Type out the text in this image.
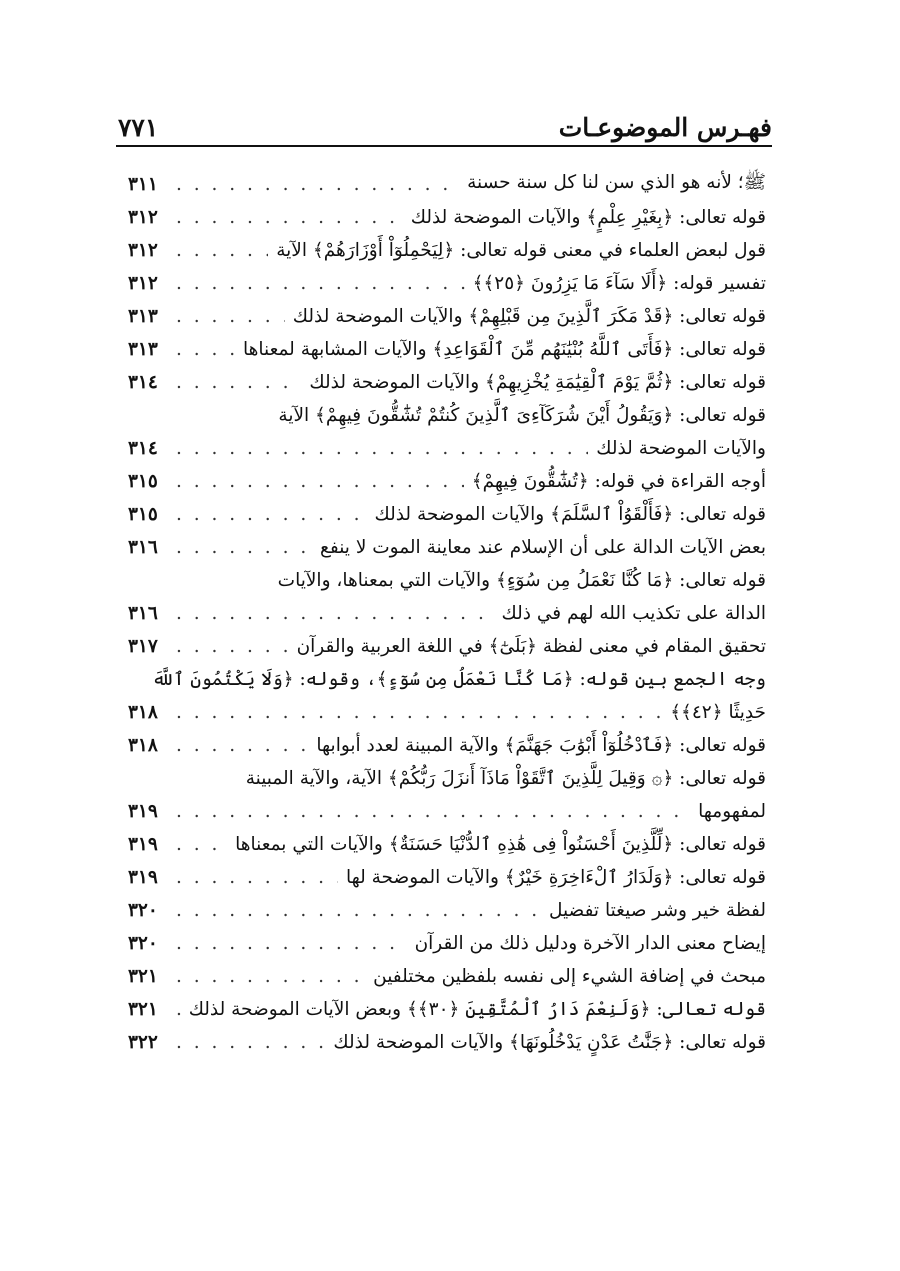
٧٧١	فهـرس الموضوعـات
ﷺ؛ لأنه هو الذي سن لنا كل سنة حسنة
. . .
٣١١
قوله تعالى: ﴿بِغَيْرِ عِلْمٍ﴾ والآيات الموضحة لذلك
. . .
٣١٢
قول لبعض العلماء في معنى قوله تعالى: ﴿لِيَحْمِلُوٓاْ أَوْزَارَهُمْ﴾ الآية
. . .
٣١٢
تفسير قوله: ﴿أَلَا سَآءَ مَا يَزِرُونَ ﴿٢٥﴾﴾
. . .
٣١٢
قوله تعالى: ﴿قَدْ مَكَرَ ٱلَّذِينَ مِن قَبْلِهِمْ﴾ والآيات الموضحة لذلك
. . .
٣١٣
قوله تعالى: ﴿فَأَتَى ٱللَّهُ بُنْيَٰنَهُم مِّنَ ٱلْقَوَاعِدِ﴾ والآيات المشابهة لمعناها
. . .
٣١٣
قوله تعالى: ﴿ثُمَّ يَوْمَ ٱلْقِيَٰمَةِ يُخْزِيهِمْ﴾ والآيات الموضحة لذلك
. . .
٣١٤
قوله تعالى: ﴿وَيَقُولُ أَيْنَ شُرَكَآءِىَ ٱلَّذِينَ كُنتُمْ تُشَٰٓقُّونَ فِيهِمْ﴾ الآية
والآيات الموضحة لذلك
. . .
٣١٤
أوجه القراءة في قوله: ﴿تُشَٰٓقُّونَ فِيهِمْ﴾
. . .
٣١٥
قوله تعالى: ﴿فَأَلْقَوُاْ ٱلسَّلَمَ﴾ والآيات الموضحة لذلك
. . .
٣١٥
بعض الآيات الدالة على أن الإسلام عند معاينة الموت لا ينفع
. . .
٣١٦
قوله تعالى: ﴿مَا كُنَّا نَعْمَلُ مِن سُوٓءٍ﴾ والآيات التي بمعناها، والآيات
الدالة على تكذيب الله لهم في ذلك
. . .
٣١٦
تحقيق المقام في معنى لفظة ﴿بَلَىٰٓ﴾ في اللغة العربية والقرآن
. . .
٣١٧
وجه الجمع بين قوله: ﴿مَا كُنَّا نَعْمَلُ مِن سُوٓءٍ﴾، وقوله: ﴿وَلَا يَكْتُمُونَ ٱللَّهَ
حَدِيثًا ﴿٤٢﴾﴾
. . .
٣١٨
قوله تعالى: ﴿فَٱدْخُلُوٓاْ أَبْوَٰبَ جَهَنَّمَ﴾ والآية المبينة لعدد أبوابها
. . .
٣١٨
قوله تعالى: ﴿۞ وَقِيلَ لِلَّذِينَ ٱتَّقَوْاْ مَاذَآ أَنزَلَ رَبُّكُمْ﴾ الآية، والآية المبينة
لمفهومها
. . .
٣١٩
قوله تعالى: ﴿لِّلَّذِينَ أَحْسَنُواْ فِى هَٰذِهِ ٱلدُّنْيَا حَسَنَةٌ﴾ والآيات التي بمعناها
. . .
٣١٩
قوله تعالى: ﴿وَلَدَارُ ٱلْءَاخِرَةِ خَيْرٌ﴾ والآيات الموضحة لها
. . .
٣١٩
لفظة خير وشر صيغتا تفضيل
. . .
٣٢٠
إيضاح معنى الدار الآخرة ودليل ذلك من القرآن
. . .
٣٢٠
مبحث في إضافة الشيء إلى نفسه بلفظين مختلفين
. . .
٣٢١
قوله تعالى: ﴿وَلَنِعْمَ دَارُ ٱلْمُتَّقِينَ ﴿٣٠﴾﴾ وبعض الآيات الموضحة لذلك
. . .
٣٢١
قوله تعالى: ﴿جَنَّٰتُ عَدْنٍ يَدْخُلُونَهَا﴾ والآيات الموضحة لذلك
. . .
٣٢٢
